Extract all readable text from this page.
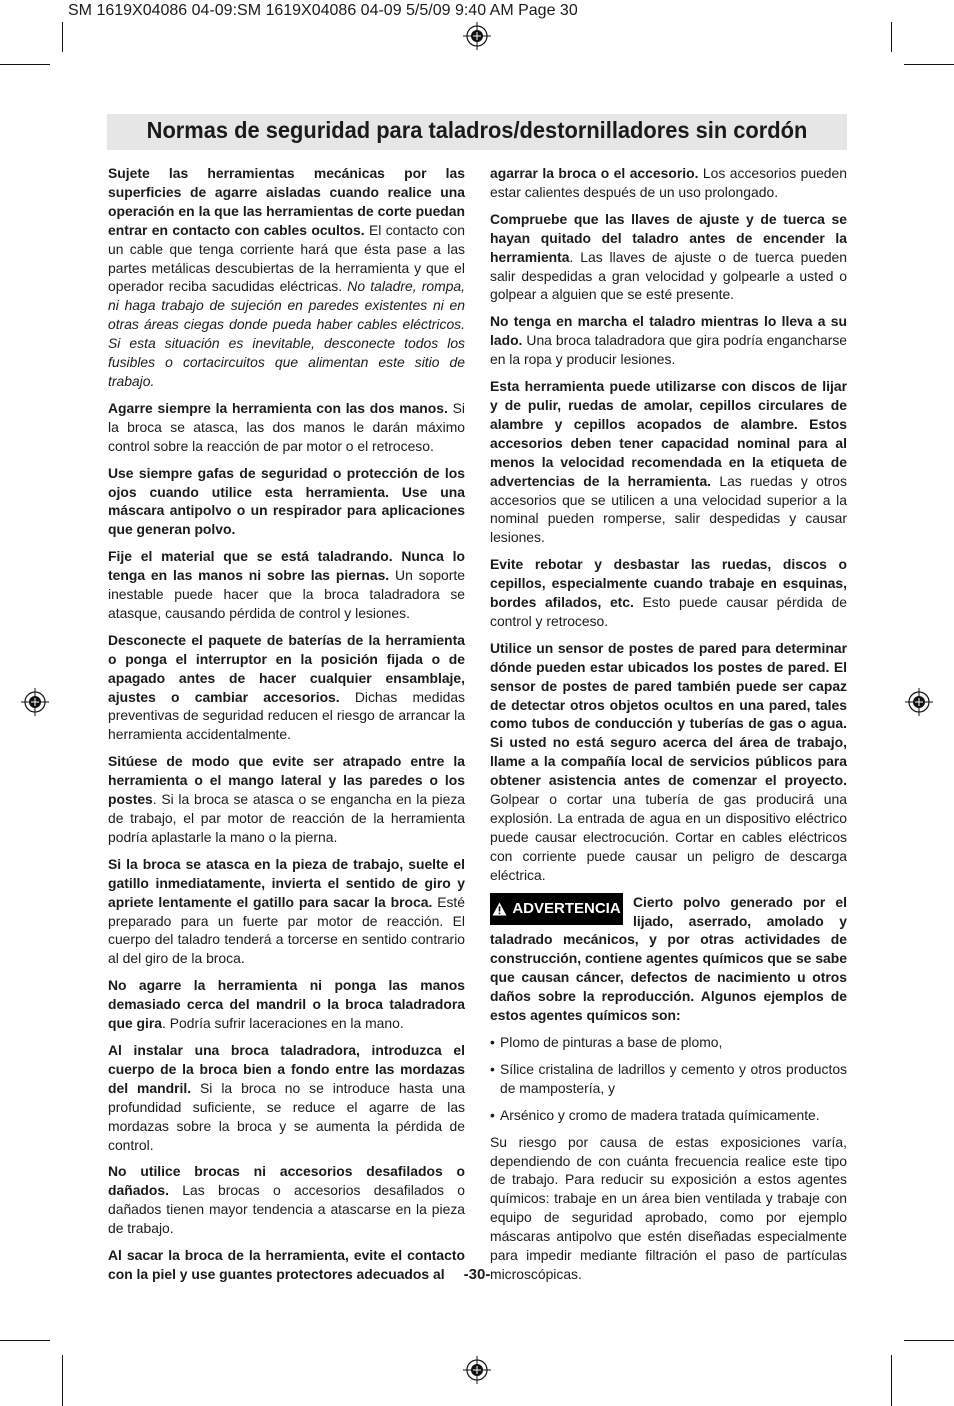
SM 1619X04086 04-09:SM 1619X04086 04-09 5/5/09 9:40 AM Page 30
Normas de seguridad para taladros/destornilladores sin cordón

Sujete las herramientas mecánicas por las superficies de agarre aisladas cuando realice una operación en la que las herramientas de corte puedan entrar en contacto con cables ocultos. El contacto con un cable que tenga corriente hará que ésta pase a las partes metálicas descubiertas de la herramienta y que el operador reciba sacudidas eléctricas. No taladre, rompa, ni haga trabajo de sujeción en paredes existentes ni en otras áreas ciegas donde pueda haber cables eléctricos. Si esta situación es inevitable, desconecte todos los fusibles o cortacircuitos que alimentan este sitio de trabajo.

Agarre siempre la herramienta con las dos manos. Si la broca se atasca, las dos manos le darán máximo control sobre la reacción de par motor o el retroceso.

Use siempre gafas de seguridad o protección de los ojos cuando utilice esta herramienta. Use una máscara antipolvo o un respirador para aplicaciones que generan polvo.

Fije el material que se está taladrando. Nunca lo tenga en las manos ni sobre las piernas. Un soporte inestable puede hacer que la broca taladradora se atasque, causando pérdida de control y lesiones.

Desconecte el paquete de baterías de la herramienta o ponga el interruptor en la posición fijada o de apagado antes de hacer cualquier ensamblaje, ajustes o cambiar accesorios. Dichas medidas preventivas de seguridad reducen el riesgo de arrancar la herramienta accidentalmente.

Sitúese de modo que evite ser atrapado entre la herramienta o el mango lateral y las paredes o los postes. Si la broca se atasca o se engancha en la pieza de trabajo, el par motor de reacción de la herramienta podría aplastarle la mano o la pierna.

Si la broca se atasca en la pieza de trabajo, suelte el gatillo inmediatamente, invierta el sentido de giro y apriete lentamente el gatillo para sacar la broca. Esté preparado para un fuerte par motor de reacción. El cuerpo del taladro tenderá a torcerse en sentido contrario al del giro de la broca.

No agarre la herramienta ni ponga las manos demasiado cerca del mandril o la broca taladradora que gira. Podría sufrir laceraciones en la mano.

Al instalar una broca taladradora, introduzca el cuerpo de la broca bien a fondo entre las mordazas del mandril. Si la broca no se introduce hasta una profundidad suficiente, se reduce el agarre de las mordazas sobre la broca y se aumenta la pérdida de control.

No utilice brocas ni accesorios desafilados o dañados. Las brocas o accesorios desafilados o dañados tienen mayor tendencia a atascarse en la pieza de trabajo.

Al sacar la broca de la herramienta, evite el contacto con la piel y use guantes protectores adecuados al

agarrar la broca o el accesorio. Los accesorios pueden estar calientes después de un uso prolongado.

Compruebe que las llaves de ajuste y de tuerca se hayan quitado del taladro antes de encender la herramienta. Las llaves de ajuste o de tuerca pueden salir despedidas a gran velocidad y golpearle a usted o golpear a alguien que se esté presente.

No tenga en marcha el taladro mientras lo lleva a su lado. Una broca taladradora que gira podría engancharse en la ropa y producir lesiones.

Esta herramienta puede utilizarse con discos de lijar y de pulir, ruedas de amolar, cepillos circulares de alambre y cepillos acopados de alambre. Estos accesorios deben tener capacidad nominal para al menos la velocidad recomendada en la etiqueta de advertencias de la herramienta. Las ruedas y otros accesorios que se utilicen a una velocidad superior a la nominal pueden romperse, salir despedidas y causar lesiones.

Evite rebotar y desbastar las ruedas, discos o cepillos, especialmente cuando trabaje en esquinas, bordes afilados, etc. Esto puede causar pérdida de control y retroceso.

Utilice un sensor de postes de pared para determinar dónde pueden estar ubicados los postes de pared. El sensor de postes de pared también puede ser capaz de detectar otros objetos ocultos en una pared, tales como tubos de conducción y tuberías de gas o agua. Si usted no está seguro acerca del área de trabajo, llame a la compañía local de servicios públicos para obtener asistencia antes de comenzar el proyecto. Golpear o cortar una tubería de gas producirá una explosión. La entrada de agua en un dispositivo eléctrico puede causar electrocución. Cortar en cables eléctricos con corriente puede causar un peligro de descarga eléctrica.

ADVERTENCIA Cierto polvo generado por el lijado, aserrado, amolado y taladrado mecánicos, y por otras actividades de construcción, contiene agentes químicos que se sabe que causan cáncer, defectos de nacimiento u otros daños sobre la reproducción. Algunos ejemplos de estos agentes químicos son:

• Plomo de pinturas a base de plomo,

• Sílice cristalina de ladrillos y cemento y otros productos de mampostería, y

• Arsénico y cromo de madera tratada químicamente.

Su riesgo por causa de estas exposiciones varía, dependiendo de con cuánta frecuencia realice este tipo de trabajo. Para reducir su exposición a estos agentes químicos: trabaje en un área bien ventilada y trabaje con equipo de seguridad aprobado, como por ejemplo máscaras antipolvo que estén diseñadas especialmente para impedir mediante filtración el paso de partículas microscópicas.

-30-
